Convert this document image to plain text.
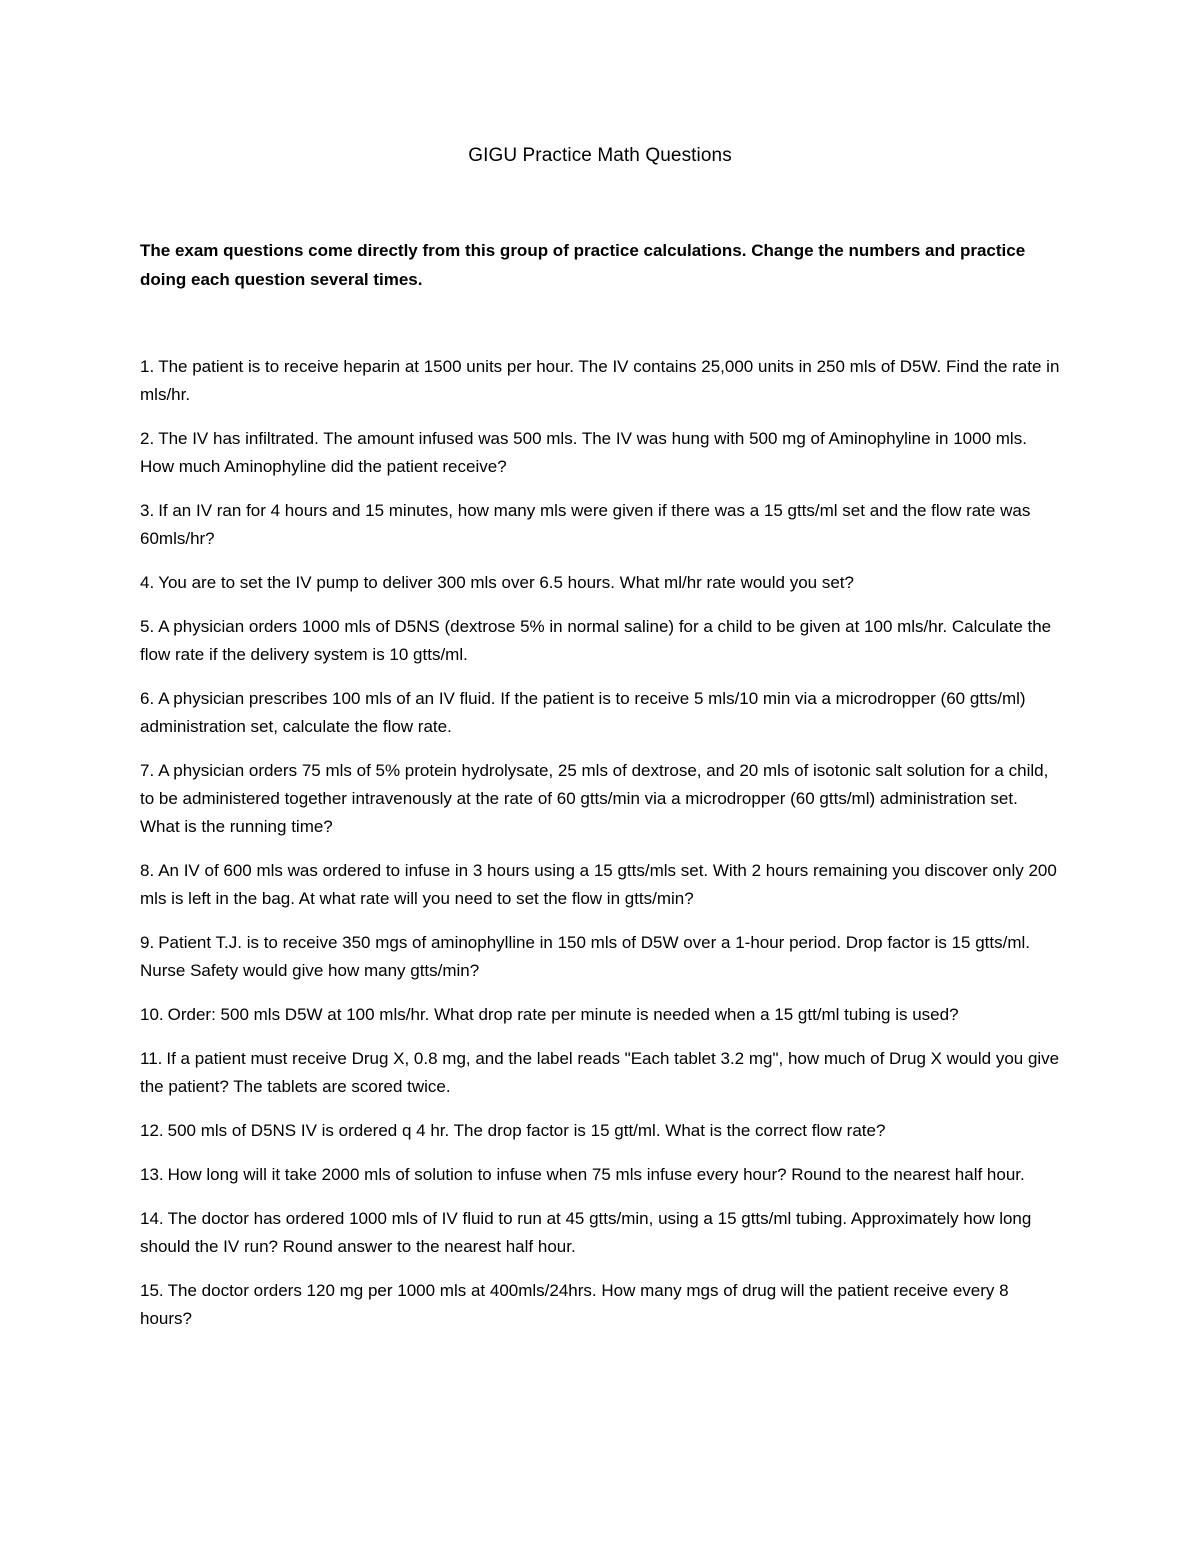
GIGU Practice Math Questions

The exam questions come directly from this group of practice calculations. Change the numbers and practice doing each question several times.

1. The patient is to receive heparin at 1500 units per hour. The IV contains 25,000 units in 250 mls of D5W. Find the rate in mls/hr.
2. The IV has infiltrated. The amount infused was 500 mls. The IV was hung with 500 mg of Aminophyline in 1000 mls. How much Aminophyline did the patient receive?
3. If an IV ran for 4 hours and 15 minutes, how many mls were given if there was a 15 gtts/ml set and the flow rate was 60mls/hr?
4. You are to set the IV pump to deliver 300 mls over 6.5 hours. What ml/hr rate would you set?
5. A physician orders 1000 mls of D5NS (dextrose 5% in normal saline) for a child to be given at 100 mls/hr. Calculate the flow rate if the delivery system is 10 gtts/ml.
6. A physician prescribes 100 mls of an IV fluid. If the patient is to receive 5 mls/10 min via a microdropper (60 gtts/ml) administration set, calculate the flow rate.
7. A physician orders 75 mls of 5% protein hydrolysate, 25 mls of dextrose, and 20 mls of isotonic salt solution for a child, to be administered together intravenously at the rate of 60 gtts/min via a microdropper (60 gtts/ml) administration set. What is the running time?
8. An IV of 600 mls was ordered to infuse in 3 hours using a 15 gtts/mls set. With 2 hours remaining you discover only 200 mls is left in the bag. At what rate will you need to set the flow in gtts/min?
9. Patient T.J. is to receive 350 mgs of aminophylline in 150 mls of D5W over a 1-hour period. Drop factor is 15 gtts/ml. Nurse Safety would give how many gtts/min?
10. Order: 500 mls D5W at 100 mls/hr. What drop rate per minute is needed when a 15 gtt/ml tubing is used?
11. If a patient must receive Drug X, 0.8 mg, and the label reads "Each tablet 3.2 mg", how much of Drug X would you give the patient? The tablets are scored twice.
12. 500 mls of D5NS IV is ordered q 4 hr. The drop factor is 15 gtt/ml. What is the correct flow rate?
13. How long will it take 2000 mls of solution to infuse when 75 mls infuse every hour? Round to the nearest half hour.
14. The doctor has ordered 1000 mls of IV fluid to run at 45 gtts/min, using a 15 gtts/ml tubing. Approximately how long should the IV run? Round answer to the nearest half hour.
15. The doctor orders 120 mg per 1000 mls at 400mls/24hrs. How many mgs of drug will the patient receive every 8 hours?
